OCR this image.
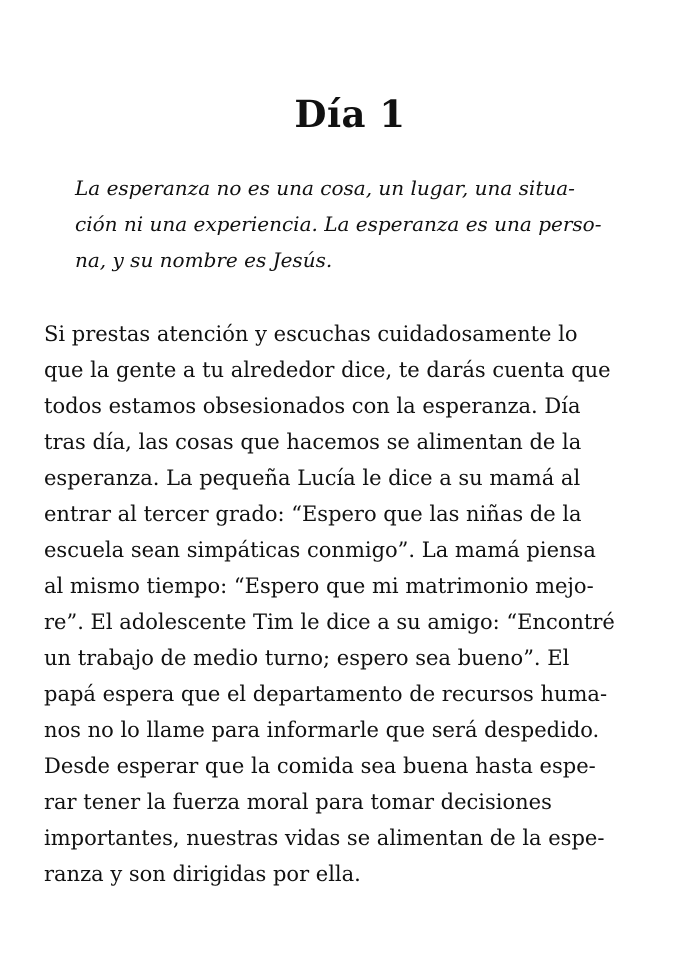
Día 1
La esperanza no es una cosa, un lugar, una situa-
ción ni una experiencia. La esperanza es una perso-
na, y su nombre es Jesús.
Si prestas atención y escuchas cuidadosamente lo
que la gente a tu alrededor dice, te darás cuenta que
todos estamos obsesionados con la esperanza. Día
tras día, las cosas que hacemos se alimentan de la
esperanza. La pequeña Lucía le dice a su mamá al
entrar al tercer grado: “Espero que las niñas de la
escuela sean simpáticas conmigo”. La mamá piensa
al mismo tiempo: “Espero que mi matrimonio mejo-
re”. El adolescente Tim le dice a su amigo: “Encontré
un trabajo de medio turno; espero sea bueno”. El
papá espera que el departamento de recursos huma-
nos no lo llame para informarle que será despedido.
Desde esperar que la comida sea buena hasta espe-
rar tener la fuerza moral para tomar decisiones
importantes, nuestras vidas se alimentan de la espe-
ranza y son dirigidas por ella.
